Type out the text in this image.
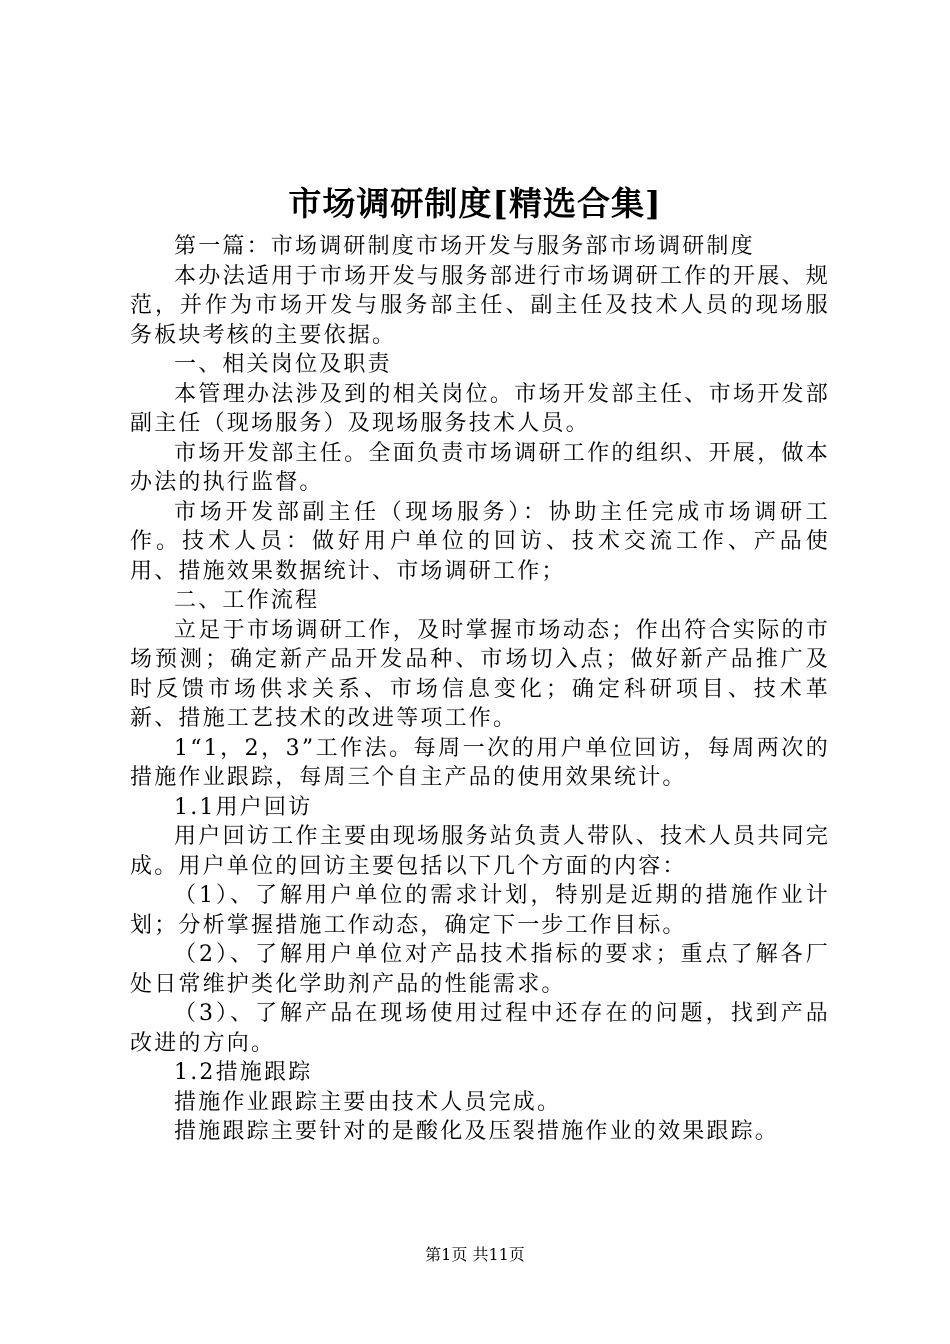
市场调研制度[精选合集]

第一篇：市场调研制度市场开发与服务部市场调研制度

本办法适用于市场开发与服务部进行市场调研工作的开展、规范，并作为市场开发与服务部主任、副主任及技术人员的现场服务板块考核的主要依据。

一、相关岗位及职责

本管理办法涉及到的相关岗位。市场开发部主任、市场开发部副主任（现场服务）及现场服务技术人员。

市场开发部主任。全面负责市场调研工作的组织、开展，做本办法的执行监督。

市场开发部副主任（现场服务）：协助主任完成市场调研工作。技术人员：做好用户单位的回访、技术交流工作、产品使用、措施效果数据统计、市场调研工作；

二、工作流程

立足于市场调研工作，及时掌握市场动态；作出符合实际的市场预测；确定新产品开发品种、市场切入点；做好新产品推广及时反馈市场供求关系、市场信息变化；确定科研项目、技术革新、措施工艺技术的改进等项工作。

1“1，2，3”工作法。每周一次的用户单位回访，每周两次的措施作业跟踪，每周三个自主产品的使用效果统计。

1.1用户回访

用户回访工作主要由现场服务站负责人带队、技术人员共同完成。用户单位的回访主要包括以下几个方面的内容：

（1）、了解用户单位的需求计划，特别是近期的措施作业计划；分析掌握措施工作动态，确定下一步工作目标。

（2）、了解用户单位对产品技术指标的要求；重点了解各厂处日常维护类化学助剂产品的性能需求。

（3）、了解产品在现场使用过程中还存在的问题，找到产品改进的方向。

1.2措施跟踪

措施作业跟踪主要由技术人员完成。

措施跟踪主要针对的是酸化及压裂措施作业的效果跟踪。

第1页 共11页
